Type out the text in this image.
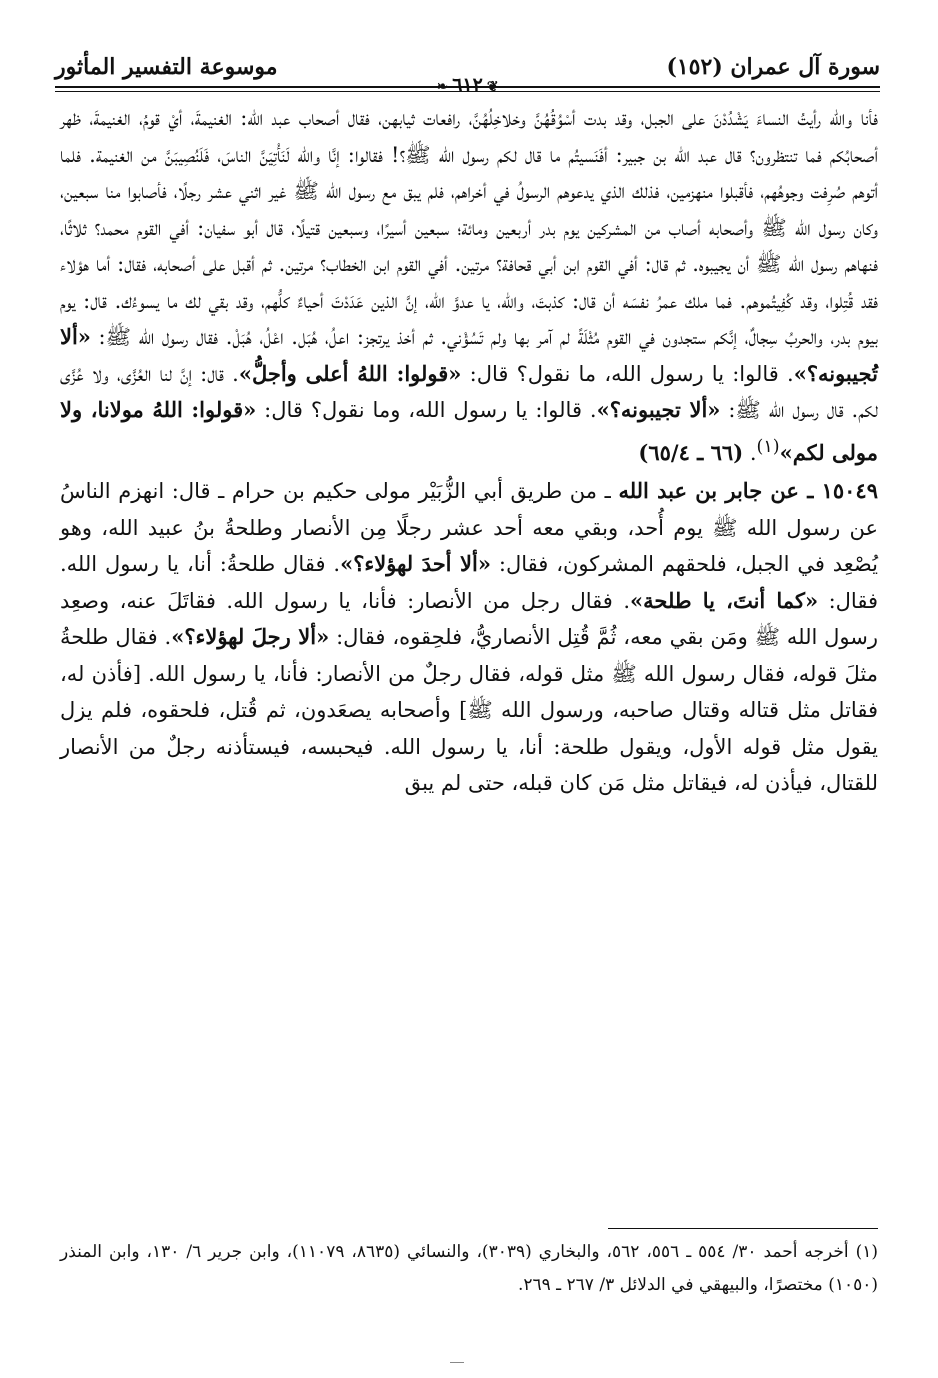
سورة آل عمران (١٥٢)
موسوعة التفسير المأثور
❦٦١٢❧

فأنا والله رأيتُ النساءَ يَشْدُدْنَ على الجبل، وقد بدت أسْوُقُهُنَّ وخلاخِلُهُنَّ، رافعات ثيابهن، فقال أصحاب عبد الله: الغنيمةَ، أيْ قومُ، الغنيمةَ، ظهر أصحابُكم فما تنتظرون؟ قال عبد الله بن جبير: أفَنَسيتُم ما قال لكم رسول الله ﷺ؟! فقالوا: إنَّا والله لَنَأْتِيَنَّ الناسَ، فَلَنُصِيبَنَّ من الغنيمة. فلما أتوهم صُرِفت وجوهُهم، فأقبلوا منهزمين، فذلك الذي يدعوهم الرسولُ في أخراهم، فلم يبق مع رسول الله ﷺ غير اثني عشر رجلًا، فأصابوا منا سبعين، وكان رسول الله ﷺ وأصحابه أصاب من المشركين يوم بدر أربعين ومائة؛ سبعين أسيرًا، وسبعين قتيلًا، قال أبو سفيان: أفي القوم محمد؟ ثلاثًا، فنهاهم رسول الله ﷺ أن يجيبوه. ثم قال: أفي القوم ابن أبي قحافة؟ مرتين. أفي القوم ابن الخطاب؟ مرتين. ثم أقبل على أصحابه، فقال: أما هؤلاء فقد قُتِلوا، وقد كُفِيتُموهم. فما ملك عمرُ نفسَه أن قال: كذبتَ، والله، يا عدوَّ الله، إنَّ الذين عَدَدْتَ أحياءٌ كلُّهم، وقد بقي لك ما يسوءُك. قال: يوم بيوم بدر، والحربُ سِجالٌ، إنَّكم ستجدون في القوم مُثْلَةً لم آمر بها ولم تَسُؤْني. ثم أخذ يرتجز: اعلُ، هُبَل. اعْلُ، هُبَلْ. فقال رسول الله ﷺ: «ألا تُجيبونه؟». قالوا: يا رسول الله، ما نقول؟ قال: «قولوا: اللهُ أعلى وأجلُّ». قال: إنَّ لنا العُزَّى، ولا عُزَّى لكم. قال رسول الله ﷺ: «ألا تجيبونه؟». قالوا: يا رسول الله، وما نقول؟ قال: «قولوا: اللهُ مولانا، ولا مولى لكم»$^{(١)}$. (٦٦ ـ ٦٥/٤)

١٥٠٤٩ ـ عن جابر بن عبد الله ـ من طريق أبي الزُّبَيْر مولى حكيم بن حرام ـ قال: انهزم الناسُ عن رسول الله ﷺ يوم أُحد، وبقي معه أحد عشر رجلًا مِن الأنصار وطلحةُ بنُ عبيد الله، وهو يُصْعِد في الجبل، فلحقهم المشركون، فقال: «ألا أحدَ لهؤلاء؟». فقال طلحةُ: أنا، يا رسول الله. فقال: «كما أنتَ، يا طلحة». فقال رجل من الأنصار: فأنا، يا رسول الله. فقاتَلَ عنه، وصعِد رسول الله ﷺ ومَن بقي معه، ثُمَّ قُتِل الأنصاريُّ، فلحِقوه، فقال: «ألا رجلَ لهؤلاء؟». فقال طلحةُ مثلَ قوله، فقال رسول الله ﷺ مثل قوله، فقال رجلٌ من الأنصار: فأنا، يا رسول الله. [فأذن له، فقاتل مثل قتاله وقتال صاحبه، ورسول الله ﷺ] وأصحابه يصعَدون، ثم قُتل، فلحقوه، فلم يزل يقول مثل قوله الأول، ويقول طلحة: أنا، يا رسول الله. فيحبسه، فيستأذنه رجلٌ من الأنصار للقتال، فيأذن له، فيقاتل مثل مَن كان قبله، حتى لم يبق

(١) أخرجه أحمد ٣٠/ ٥٥٤ ـ ٥٥٦، ٥٦٢، والبخاري (٣٠٣٩)، والنسائي (٨٦٣٥، ١١٠٧٩)، وابن جرير ٦/ ١٣٠، وابن المنذر (١٠٥٠) مختصرًا، والبيهقي في الدلائل ٣/ ٢٦٧ ـ ٢٦٩.
